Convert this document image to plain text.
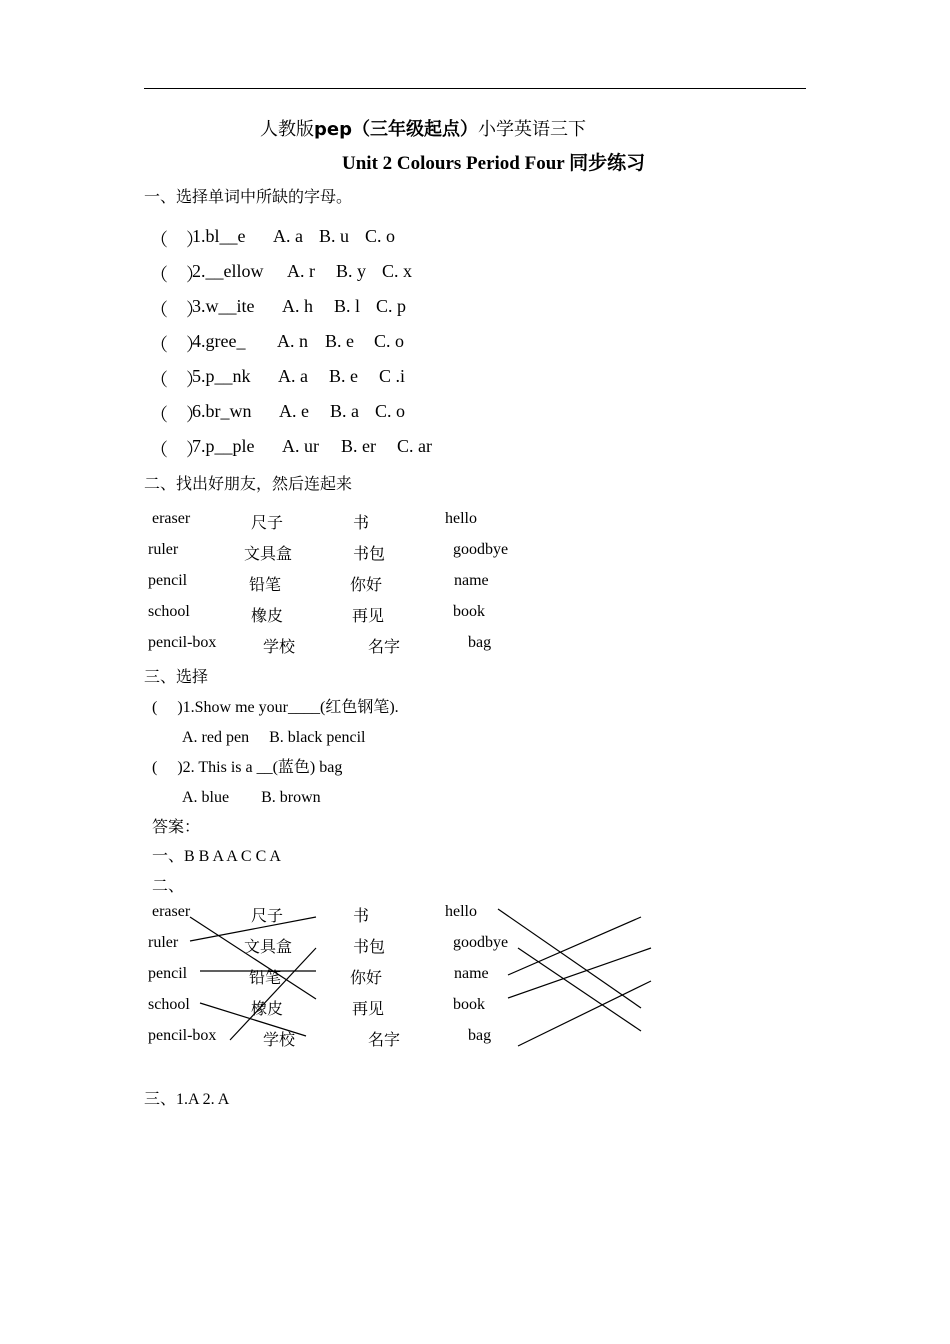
人教版pep（三年级起点）小学英语三下
Unit 2 Colours Period Four 同步练习
一、选择单词中所缺的字母。
（　）
1.bl__e A. a B. u C. o
（　）
2.__ellow A. r B. y C. x
（　）
3.w__ite A. h B. l C. p
（　）
4.gree_ A. n B. e C. o
（　）
5.p__nk A. a B. e C .i
（　）
6.br_wn A. e B. a C. o
（　）
7.p__ple A. ur B. er C. ar
二、找出好朋友，然后连起来
eraser	尺子	书	hello
ruler	文具盒	书包	goodbye
pencil	铅笔	你好	name
school	橡皮	再见	book
pencil-box	学校	名字	bag
三、选择
(　 )1.Show me your____(红色钢笔).
A. red pen　 B. black pencil
(　 )2. This is a __(蓝色) bag
A. blue　　B. brown
答案：
一、B B A A C C A
二、
eraser	尺子	书	hello
ruler	文具盒	书包	goodbye
pencil	铅笔	你好	name
school	橡皮	再见	book
pencil-box	学校	名字	bag
三、1.A 2. A
